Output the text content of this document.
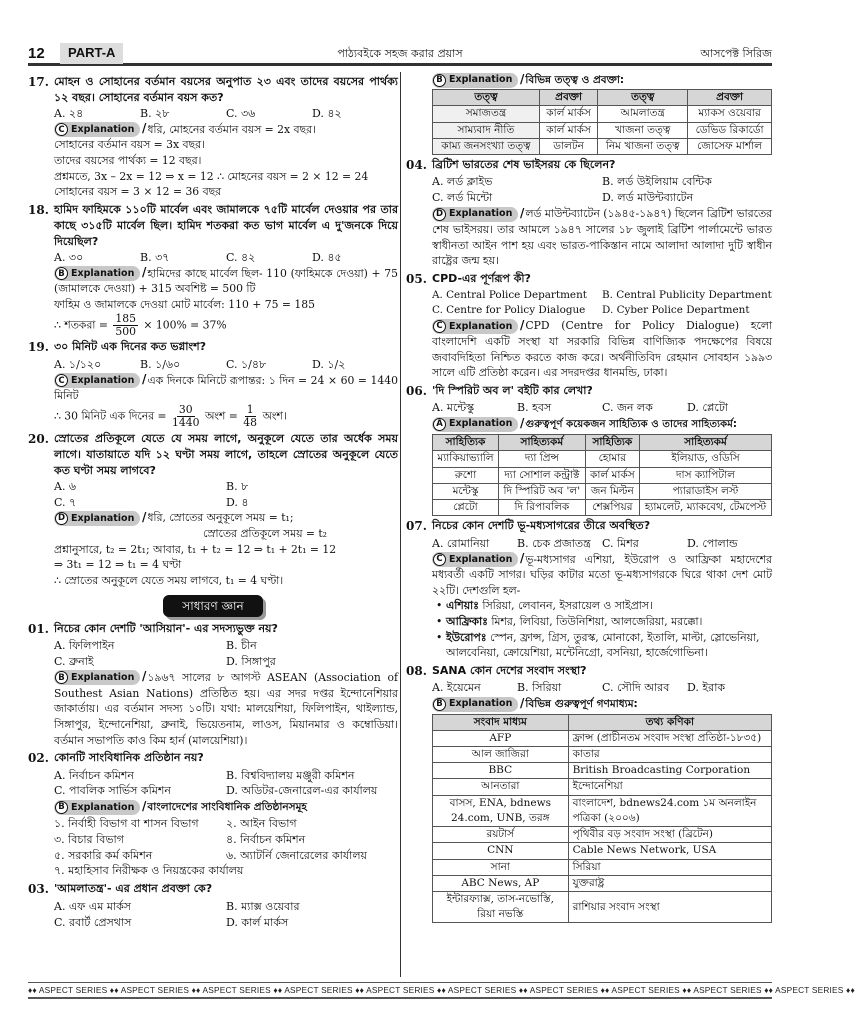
12	PART-A	পাঠ্যবইকে সহজ করার প্রয়াস	আসপেক্ট সিরিজ
17. মোহন ও সোহানের বর্তমান বয়সের অনুপাত ২৩ এবং তাদের বয়সের পার্থক্য ১২ বছর। সোহানের বর্তমান বয়স কত?
A. ২৪	B. ২৮	C. ৩৬	D. ৪২
C Explanation
/ ধরি, মোহনের বর্তমান বয়স = 2x বছর।
সোহানের বর্তমান বয়স = 3x বছর।
তাদের বয়সের পার্থক্য = 12 বছর।
প্রশ্নমতে, 3x – 2x = 12 ⇒ x = 12 ∴ মোহনের বয়স = 2 × 12 = 24
সোহানের বয়স = 3 × 12 = 36 বছর
18. হামিদ ফাহিমকে ১১০টি মার্বেল এবং জামালকে ৭৫টি মার্বেল দেওয়ার পর তার কাছে ৩১৫টি মার্বেল ছিল। হামিদ শতকরা কত ভাগ মার্বেল এ দু'জনকে দিয়ে দিয়েছিল?
A. ৩০	B. ৩৭	C. ৪২	D. ৪৫
B Explanation
/ হামিদের কাছে মার্বেল ছিল- 110 (ফাহিমকে দেওয়া) + 75 (জামালকে দেওয়া) + 315 অবশিষ্ট = 500 টি
ফাহিম ও জামালকে দেওয়া মোট মার্বেল: 110 + 75 = 185
∴ শতকরা = $\frac{185}{500} \times 100\% = 37\%$
19. ৩০ মিনিট এক দিনের কত ভগ্নাংশ?
A. ১/১২০	B. ১/৬০	C. ১/৪৮	D. ১/২
C Explanation
/ এক দিনকে মিনিটে রূপান্তর: ১ দিন = 24 × 60 = 1440 মিনিট
∴ 30 মিনিট এক দিনের = $\frac{30}{1440}$ অংশ = $\frac{1}{48}$ অংশ।
20. স্রোতের প্রতিকূলে যেতে যে সময় লাগে, অনুকূলে যেতে তার অর্ধেক সময় লাগে। যাতায়াতে যদি ১২ ঘণ্টা সময় লাগে, তাহলে স্রোতের অনুকূলে যেতে কত ঘণ্টা সময় লাগবে?
A. ৬	B. ৮
C. ৭	D. ৪
D Explanation
/ ধরি, স্রোতের অনুকূলে সময় = t₁;
স্রোতের প্রতিকূলে সময় = t₂
প্রশ্নানুসারে, t₂ = 2t₁; আবার, t₁ + t₂ = 12 ⇒ t₁ + 2t₁ = 12
⇒ 3t₁ = 12 ⇒ t₁ = 4 ঘণ্টা
∴ স্রোতের অনুকূলে যেতে সময় লাগবে, t₁ = 4 ঘণ্টা।
সাধারণ জ্ঞান
01. নিচের কোন দেশটি 'আসিয়ান'- এর সদস্যভুক্ত নয়?
A. ফিলিপাইন	B. চীন
C. ব্রুনাই	D. সিঙ্গাপুর
B Explanation
/ ১৯৬৭ সালের ৮ আগস্ট ASEAN (Association of Southest Asian Nations) প্রতিষ্ঠিত হয়। এর সদর দপ্তর ইন্দোনেশিয়ার জাকার্তায়। এর বর্তমান সদস্য ১০টি। যথা: মালয়েশিয়া, ফিলিপাইন, থাইল্যান্ড, সিঙ্গাপুর, ইন্দোনেশিয়া, ব্রুনাই, ভিয়েতনাম, লাওস, মিয়ানমার ও কম্বোডিয়া। বর্তমান সভাপতি কাও কিম হার্ন (মালয়েশিয়া)।
02. কোনটি সাংবিধানিক প্রতিষ্ঠান নয়?
A. নির্বাচন কমিশন	B. বিশ্ববিদ্যালয় মঞ্জুরী কমিশন
C. পাবলিক সার্ভিস কমিশন	D. অডিটর-জেনারেল-এর কার্যালয়
B Explanation
/ বাংলাদেশের সাংবিধানিক প্রতিষ্ঠানসমূহ
১. নির্বাহী বিভাগ বা শাসন বিভাগ	২. আইন বিভাগ
৩. বিচার বিভাগ	৪. নির্বাচন কমিশন
৫. সরকারি কর্ম কমিশন	৬. অ্যাটর্নি জেনারেলের কার্যালয়
৭. মহাহিসাব নিরীক্ষক ও নিয়ন্ত্রকের কার্যালয়
03. 'আমলাতন্ত্র'- এর প্রধান প্রবক্তা কে?
A. এফ এম মার্কস	B. ম্যাক্স ওয়েবার
C. রবার্ট প্রেসথাস	D. কার্ল মার্কস
B Explanation
/ বিভিন্ন তত্ত্ব ও প্রবক্তা:
তত্ত্ব	প্রবক্তা	তত্ত্ব	প্রবক্তা
সমাজতন্ত্র	কার্ল মার্কস	আমলাতন্ত্র	ম্যাকস ওয়েবার
সাম্যবাদ নীতি	কার্ল মার্কস	খাজনা তত্ত্ব	ডেভিড রিকার্ডো
কাম্য জনসংখ্যা তত্ত্ব	ডালটন	নিম খাজনা তত্ত্ব	জোসেফ মার্শাল
04. ব্রিটিশ ভারতের শেষ ভাইসরয় কে ছিলেন?
A. লর্ড ক্লাইভ	B. লর্ড উইলিয়াম বেন্টিক
C. লর্ড মিন্টো	D. লর্ড মাউন্টব্যাটেন
D Explanation
/ লর্ড মাউন্টব্যাটেন (১৯৪৫-১৯৪৭) ছিলেন ব্রিটিশ ভারতের শেষ ভাইসরয়। তার আমলে ১৯৪৭ সালের ১৮ জুলাই ব্রিটিশ পার্লামেন্টে ভারত স্বাধীনতা আইন পাশ হয় এবং ভারত-পাকিস্তান নামে আলাদা আলাদা দুটি স্বাধীন রাষ্ট্রের জন্ম হয়।
05. CPD-এর পূর্ণরূপ কী?
A. Central Police Department	B. Central Publicity Department
C. Centre for Policy Dialogue	D. Cyber Police Department
C Explanation
/ CPD (Centre for Policy Dialogue) হলো বাংলাদেশি একটি সংস্থা যা সরকারি বিভিন্ন বাণিজ্যিক পদক্ষেপের বিষয়ে জবাবদিহিতা নিশ্চিত করতে কাজ করে। অর্থনীতিবিদ রেহমান সোবহান ১৯৯৩ সালে এটি প্রতিষ্ঠা করেন। এর সদরদপ্তর ধানমন্ডি, ঢাকা।
06. 'দি স্পিরিট অব ল' বইটি কার লেখা?
A. মন্টেস্কু	B. হবস	C. জন লক	D. প্লেটো
A Explanation
/ গুরুত্বপূর্ণ কয়েকজন সাহিত্যিক ও তাদের সাহিত্যকর্ম:
সাহিত্যিক	সাহিত্যকর্ম	সাহিত্যিক	সাহিত্যকর্ম
ম্যাকিয়াভ্যালি	দ্যা প্রিন্স	হোমার	ইলিয়াড, ওডিসি
রুশো	দ্যা সোশাল কন্ট্রাক্ট	কার্ল মার্কস	দাস ক্যাপিটাল
মন্টেস্কু	দি স্পিরিট অব 'ল'	জন মিল্টন	প্যারাডাইস লস্ট
প্লেটো	দি রিপাবলিক	শেক্সপিয়র	হ্যামলেট, ম্যাকবেথ, টেমপেস্ট
07. নিচের কোন দেশটি ভূ-মধ্যসাগরের তীরে অবস্থিত?
A. রোমানিয়া	B. চেক প্রজাতন্ত্র	C. মিশর	D. পোলান্ড
C Explanation
/ ভূ-মধ্যসাগর এশিয়া, ইউরোপ ও আফ্রিকা মহাদেশের মধ্যবর্তী একটি সাগর। ঘড়ির কাটার মতো ভূ-মধ্যসাগরকে ঘিরে থাকা দেশ মোট ২২টি। দেশগুলি হল-
• এশিয়াঃ সিরিয়া, লেবানন, ইসরায়েল ও সাইপ্রাস।
• আফ্রিকাঃ মিশর, লিবিয়া, তিউনিশিয়া, আলজেরিয়া, মরক্কো।
• ইউরোপঃ স্পেন, ফ্রান্স, গ্রিস, তুরস্ক, মোনাকো, ইতালি, মাল্টা, স্লোভেনিয়া, আলবেনিয়া, ক্রোয়েশিয়া, মন্টেনিগ্রো, বসনিয়া, হার্জেগোভিনা।
08. SANA কোন দেশের সংবাদ সংস্থা?
A. ইয়েমেন	B. সিরিয়া	C. সৌদি আরব	D. ইরাক
B Explanation
/ বিভিন্ন গুরুত্বপূর্ণ গণমাধ্যম:
সংবাদ মাধ্যম	তথ্য কণিকা
AFP	ফ্রান্স (প্রাচীনতম সংবাদ সংস্থা প্রতিষ্ঠা-১৮৩৫)
আল জাজিরা	কাতার
BBC	British Broadcasting Corporation
আনতারা	ইন্দোনেশিয়া
বাসস, ENA, bdnews 24.com, UNB, তরঙ্গ	বাংলাদেশ, bdnews24.com ১ম অনলাইন পত্রিকা (২০০৬)
রয়টার্স	পৃথিবীর বড় সংবাদ সংস্থা (ব্রিটেন)
CNN	Cable News Network, USA
সানা	সিরিয়া
ABC News, AP	যুক্তরাষ্ট্র
ইন্টারফ্যাক্স, তাস-নভোস্তি, রিয়া নভস্তি	রাশিয়ার সংবাদ সংস্থা
♦♦ ASPECT SERIES ♦♦ ASPECT SERIES ♦♦ ASPECT SERIES ♦♦ ASPECT SERIES ♦♦ ASPECT SERIES ♦♦ ASPECT SERIES ♦♦ ASPECT SERIES ♦♦ ASPECT SERIES ♦♦ ASPECT SERIES ♦♦ ASPECT SERIES ♦♦
